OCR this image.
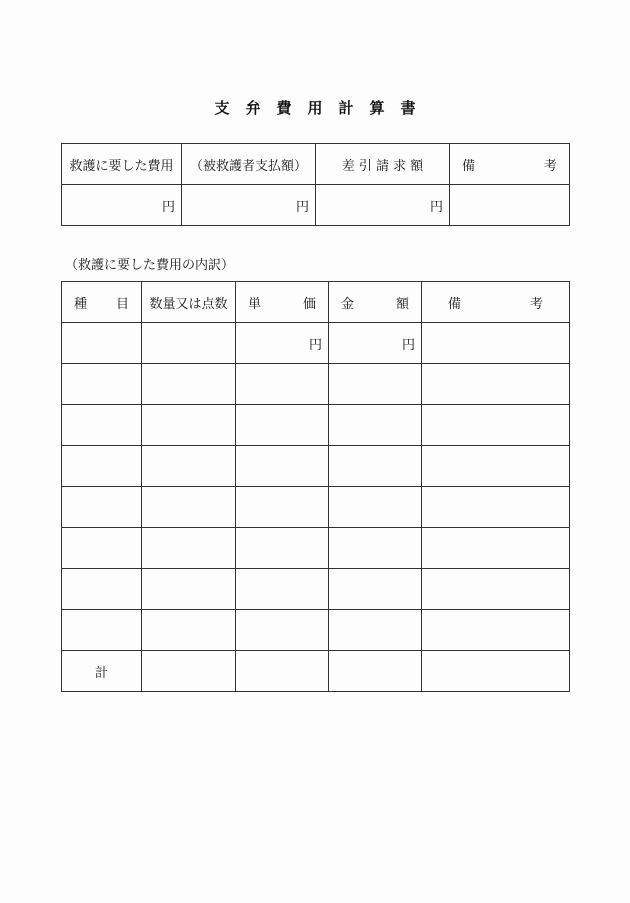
支 弁 費 用 計 算 書
救護に要した費用	（被救護者支払額）	差 引 請 求 額	備 考

円	円	円	
（救護に要した費用の内訳）
種 目	数量又は点数	単 価	金 額	備 考

		円	円	

計				
